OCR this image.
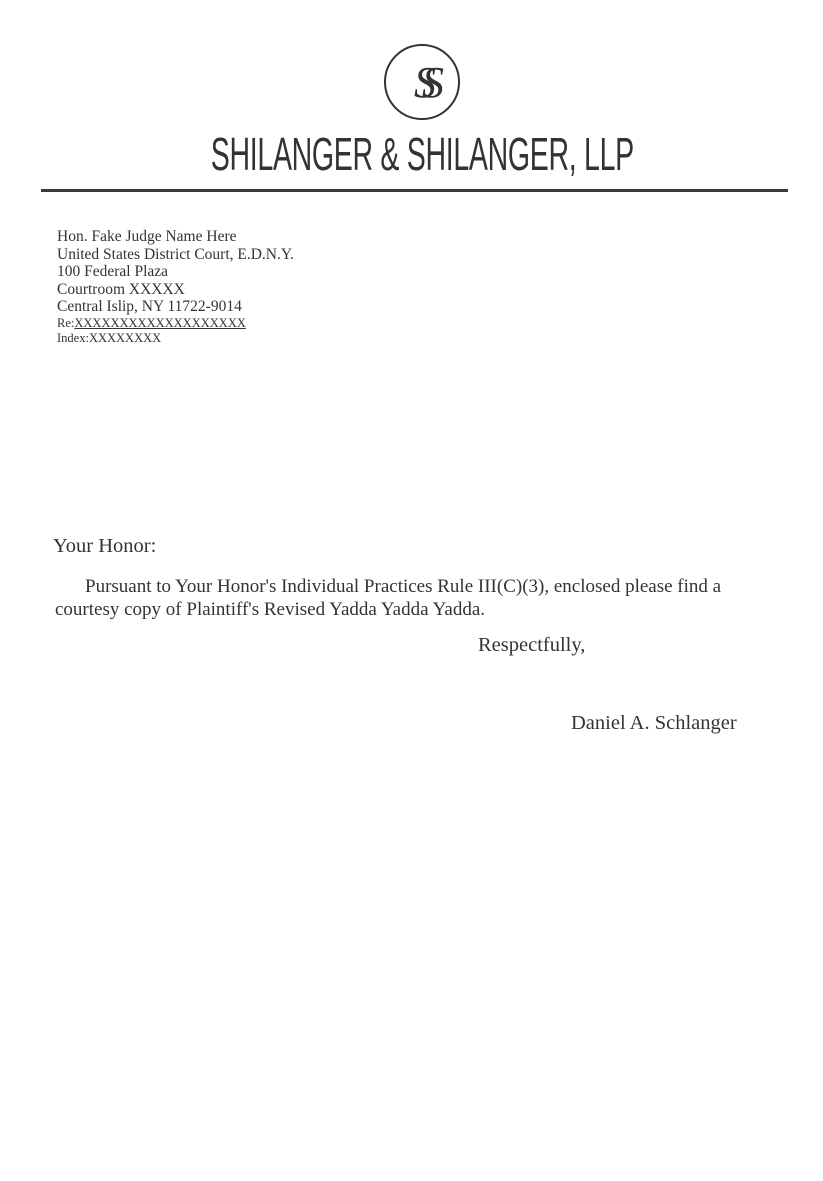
SS
SHILANGER & SHILANGER, LLP
Hon. Fake Judge Name Here
United States District Court, E.D.N.Y.
100 Federal Plaza
Courtroom XXXXX
Central Islip, NY 11722-9014
Re:XXXXXXXXXXXXXXXXXXX
Index:XXXXXXXX
Your Honor:
Pursuant to Your Honor's Individual Practices Rule III(C)(3), enclosed please find a courtesy copy of Plaintiff's Revised Yadda Yadda Yadda.
Respectfully,
Daniel A. Schlanger
